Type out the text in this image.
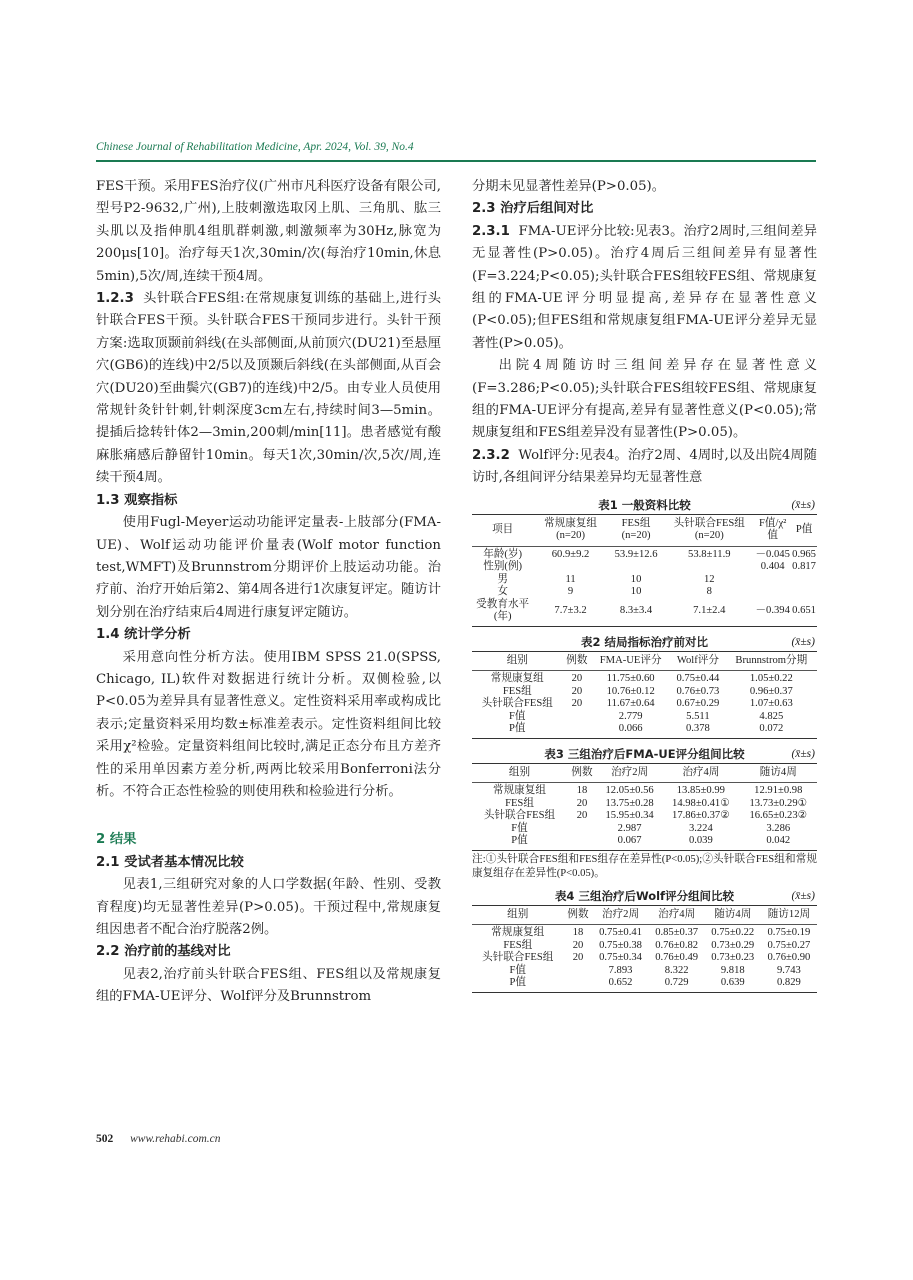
Chinese Journal of Rehabilitation Medicine, Apr. 2024, Vol. 39, No.4

FES干预。采用FES治疗仪(广州市凡科医疗设备有限公司,型号P2-9632,广州),上肢刺激选取冈上肌、三角肌、肱三头肌以及指伸肌4组肌群刺激,刺激频率为30Hz,脉宽为200μs[10]。治疗每天1次,30min/次(每治疗10min,休息5min),5次/周,连续干预4周。

1.2.3 头针联合FES组:在常规康复训练的基础上,进行头针联合FES干预。头针联合FES干预同步进行。头针干预方案:选取顶颞前斜线(在头部侧面,从前顶穴(DU21)至悬厘穴(GB6)的连线)中2/5以及顶颞后斜线(在头部侧面,从百会穴(DU20)至曲鬓穴(GB7)的连线)中2/5。由专业人员使用常规针灸针针刺,针刺深度3cm左右,持续时间3—5min。提插后捻转针体2—3min,200刺/min[11]。患者感觉有酸麻胀痛感后静留针10min。每天1次,30min/次,5次/周,连续干预4周。

1.3 观察指标

使用Fugl-Meyer运动功能评定量表-上肢部分(FMA-UE)、Wolf运动功能评价量表(Wolf motor function test,WMFT)及Brunnstrom分期评价上肢运动功能。治疗前、治疗开始后第2、第4周各进行1次康复评定。随访计划分别在治疗结束后4周进行康复评定随访。

1.4 统计学分析

采用意向性分析方法。使用IBM SPSS 21.0(SPSS, Chicago, IL)软件对数据进行统计分析。双侧检验,以P<0.05为差异具有显著性意义。定性资料采用率或构成比表示;定量资料采用均数±标准差表示。定性资料组间比较采用χ²检验。定量资料组间比较时,满足正态分布且方差齐性的采用单因素方差分析,两两比较采用Bonferroni法分析。不符合正态性检验的则使用秩和检验进行分析。

2 结果

2.1 受试者基本情况比较

见表1,三组研究对象的人口学数据(年龄、性别、受教育程度)均无显著性差异(P>0.05)。干预过程中,常规康复组因患者不配合治疗脱落2例。

2.2 治疗前的基线对比

见表2,治疗前头针联合FES组、FES组以及常规康复组的FMA-UE评分、Wolf评分及Brunnstrom

分期未见显著性差异(P>0.05)。

2.3 治疗后组间对比

2.3.1 FMA-UE评分比较:见表3。治疗2周时,三组间差异无显著性(P>0.05)。治疗4周后三组间差异有显著性(F=3.224;P<0.05);头针联合FES组较FES组、常规康复组的FMA-UE评分明显提高,差异存在显著性意义(P<0.05);但FES组和常规康复组FMA-UE评分差异无显著性(P>0.05)。

出院4周随访时三组间差异存在显著性意义(F=3.286;P<0.05);头针联合FES组较FES组、常规康复组的FMA-UE评分有提高,差异有显著性意义(P<0.05);常规康复组和FES组差异没有显著性(P>0.05)。

2.3.2 Wolf评分:见表4。治疗2周、4周时,以及出院4周随访时,各组间评分结果差异均无显著性意

表1 一般资料比较	(x̄±s)
项目	常规康复组(n=20)	FES组(n=20)	头针联合FES组(n=20)	F值/χ²值	P值
年龄(岁)	60.9±9.2	53.9±12.6	53.8±11.9	－0.045	0.965
性别(例)				0.404	0.817
男	11	10	12		
女	9	10	8		
受教育水平(年)	7.7±3.2	8.3±3.4	7.1±2.4	－0.394	0.651
表2 结局指标治疗前对比	(x̄±s)
组别	例数	FMA-UE评分	Wolf评分	Brunnstrom分期
常规康复组	20	11.75±0.60	0.75±0.44	1.05±0.22
FES组	20	10.76±0.12	0.76±0.73	0.96±0.37
头针联合FES组	20	11.67±0.64	0.67±0.29	1.07±0.63
F值		2.779	5.511	4.825
P值		0.066	0.378	0.072
表3 三组治疗后FMA-UE评分组间比较	(x̄±s)
组别	例数	治疗2周	治疗4周	随访4周
常规康复组	18	12.05±0.56	13.85±0.99	12.91±0.98
FES组	20	13.75±0.28	14.98±0.41①	13.73±0.29①
头针联合FES组	20	15.95±0.34	17.86±0.37②	16.65±0.23②
F值		2.987	3.224	3.286
P值		0.067	0.039	0.042
注:①头针联合FES组和FES组存在差异性(P<0.05);②头针联合FES组和常规康复组存在差异性(P<0.05)。
表4 三组治疗后Wolf评分组间比较	(x̄±s)
组别	例数	治疗2周	治疗4周	随访4周	随访12周
常规康复组	18	0.75±0.41	0.85±0.37	0.75±0.22	0.75±0.19
FES组	20	0.75±0.38	0.76±0.82	0.73±0.29	0.75±0.27
头针联合FES组	20	0.75±0.34	0.76±0.49	0.73±0.23	0.76±0.90
F值		7.893	8.322	9.818	9.743
P值		0.652	0.729	0.639	0.829
502 www.rehabi.com.cn
